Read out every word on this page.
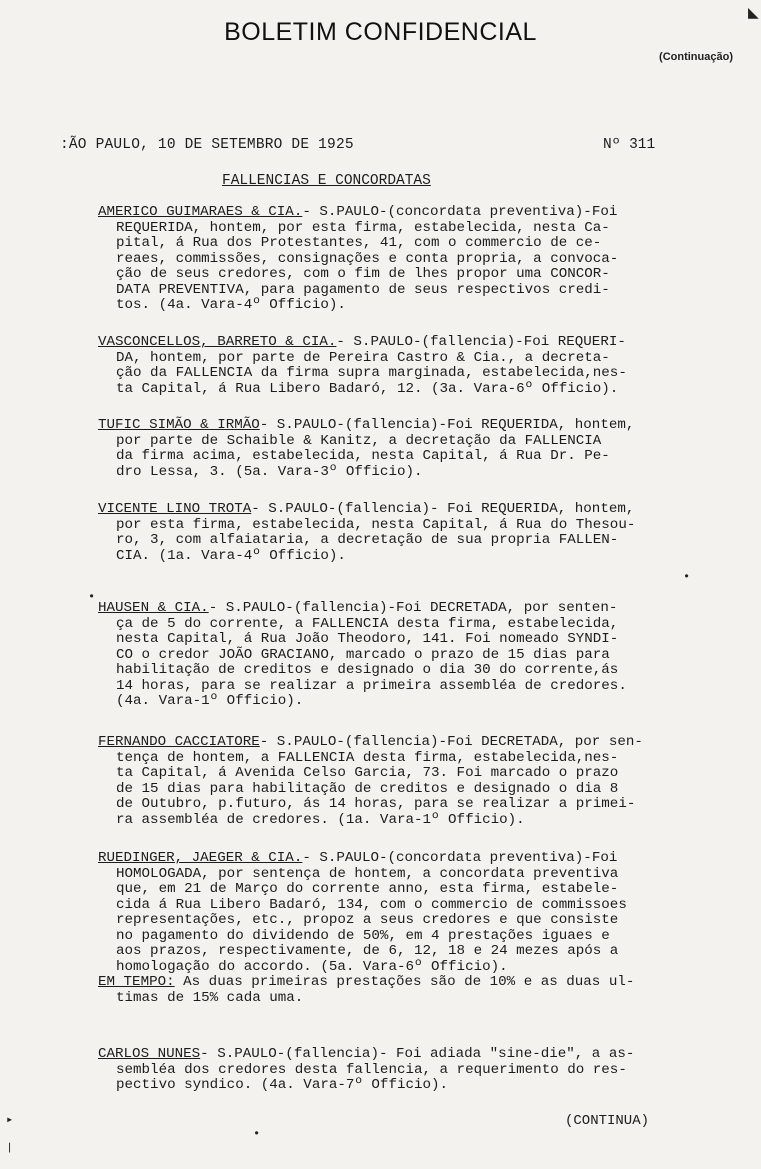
BOLETIM CONFIDENCIAL
(Continuação)
:ÃO PAULO, 10 DE SETEMBRO DE 1925	Nº 311
FALLENCIAS E CONCORDATAS
AMERICO GUIMARAES & CIA.- S.PAULO-(concordata preventiva)-Foi
REQUERIDA, hontem, por esta firma, estabelecida, nesta Ca-
pital, á Rua dos Protestantes, 41, com o commercio de ce-
reaes, commissões, consignações e conta propria, a convoca-
ção de seus credores, com o fim de lhes propor uma CONCOR-
DATA PREVENTIVA, para pagamento de seus respectivos credi-
tos. (4a. Vara-4º Officio).
VASCONCELLOS, BARRETO & CIA.- S.PAULO-(fallencia)-Foi REQUERI-
DA, hontem, por parte de Pereira Castro & Cia., a decreta-
ção da FALLENCIA da firma supra marginada, estabelecida,nes-
ta Capital, á Rua Libero Badaró, 12. (3a. Vara-6º Officio).
TUFIC SIMÃO & IRMÃO- S.PAULO-(fallencia)-Foi REQUERIDA, hontem,
por parte de Schaible & Kanitz, a decretação da FALLENCIA
da firma acima, estabelecida, nesta Capital, á Rua Dr. Pe-
dro Lessa, 3. (5a. Vara-3º Officio).
VICENTE LINO TROTA- S.PAULO-(fallencia)- Foi REQUERIDA, hontem,
por esta firma, estabelecida, nesta Capital, á Rua do Thesou-
ro, 3, com alfaiataria, a decretação de sua propria FALLEN-
CIA. (1a. Vara-4º Officio).
HAUSEN & CIA.- S.PAULO-(fallencia)-Foi DECRETADA, por senten-
ça de 5 do corrente, a FALLENCIA desta firma, estabelecida,
nesta Capital, á Rua João Theodoro, 141. Foi nomeado SYNDI-
CO o credor JOÃO GRACIANO, marcado o prazo de 15 dias para
habilitação de creditos e designado o dia 30 do corrente,ás
14 horas, para se realizar a primeira assembléa de credores.
(4a. Vara-1º Officio).
FERNANDO CACCIATORE- S.PAULO-(fallencia)-Foi DECRETADA, por sen-
tença de hontem, a FALLENCIA desta firma, estabelecida,nes-
ta Capital, á Avenida Celso Garcia, 73. Foi marcado o prazo
de 15 dias para habilitação de creditos e designado o dia 8
de Outubro, p.futuro, ás 14 horas, para se realizar a primei-
ra assembléa de credores. (1a. Vara-1º Officio).
RUEDINGER, JAEGER & CIA.- S.PAULO-(concordata preventiva)-Foi
HOMOLOGADA, por sentença de hontem, a concordata preventiva
que, em 21 de Março do corrente anno, esta firma, estabele-
cida á Rua Libero Badaró, 134, com o commercio de commissoes
representações, etc., propoz a seus credores e que consiste
no pagamento do dividendo de 50%, em 4 prestações iguaes e
aos prazos, respectivamente, de 6, 12, 18 e 24 mezes após a
homologação do accordo. (5a. Vara-6º Officio).
EM TEMPO: As duas primeiras prestações são de 10% e as duas ul-
timas de 15% cada uma.
CARLOS NUNES- S.PAULO-(fallencia)- Foi adiada "sine-die", a as-
sembléa dos credores desta fallencia, a requerimento do res-
pectivo syndico. (4a. Vara-7º Officio).
(CONTINUA)
◣
▸
❘
•
•
•
